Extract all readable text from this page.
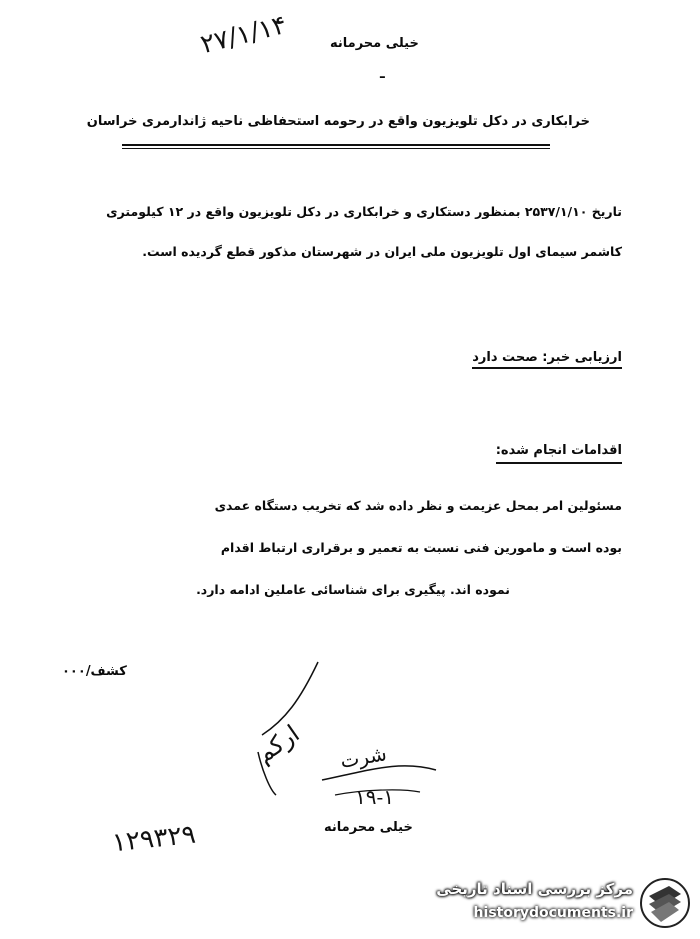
خیلی محرمانه
ـ
۲۷/۱/۱۴
خرابکاری در دکل تلویزیون واقع در رحومه استحفاظی ناحیه ژاندارمری خراسان
تاریخ ۲۵۳۷/۱/۱۰ بمنظور دستکاری و خرابکاری در دکل تلویزیون واقع در ۱۲ کیلومتری
کاشمر سیمای اول تلویزیون ملی ایران در شهرستان مذکور قطع گردیده است.
ارزیابی خبر: صحت دارد
اقدامات انجام شده:
مسئولین امر بمحل عزیمت و نظر داده شد که تخریب دستگاه عمدی
بوده است و مامورین فنی نسبت به تعمیر و برقراری ارتباط اقدام
نموده اند. پیگیری برای شناسائی عاملین ادامه دارد.
کشف/۰۰۰
ارکم شرت
۱۹-۱
۱۲۹۳۲۹	خیلی محرمانه
مرکز بررسی اسناد تاریخی
historydocuments.ir
